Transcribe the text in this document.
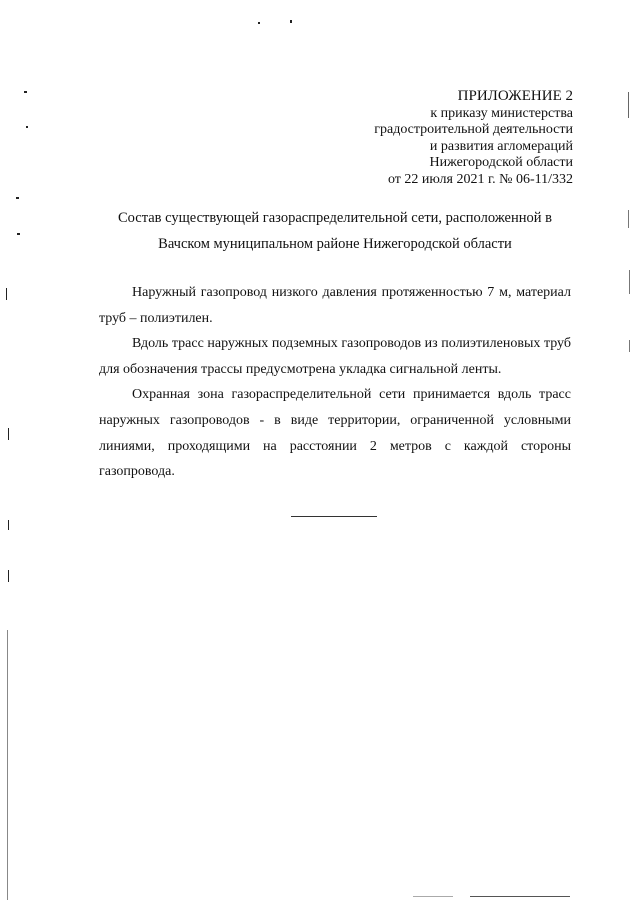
ПРИЛОЖЕНИЕ 2
к приказу министерства
градостроительной деятельности
и развития агломераций
Нижегородской области
от 22 июля 2021 г. № 06-11/332
Состав существующей газораспределительной сети, расположенной в
Вачском муниципальном районе Нижегородской области

Наружный газопровод низкого давления протяженностью 7 м, материал труб – полиэтилен.

Вдоль трасс наружных подземных газопроводов из полиэтиленовых труб для обозначения трассы предусмотрена укладка сигнальной ленты.

Охранная зона газораспределительной сети принимается вдоль трасс наружных газопроводов - в виде территории, ограниченной условными линиями, проходящими на расстоянии 2 метров с каждой стороны газопровода.
